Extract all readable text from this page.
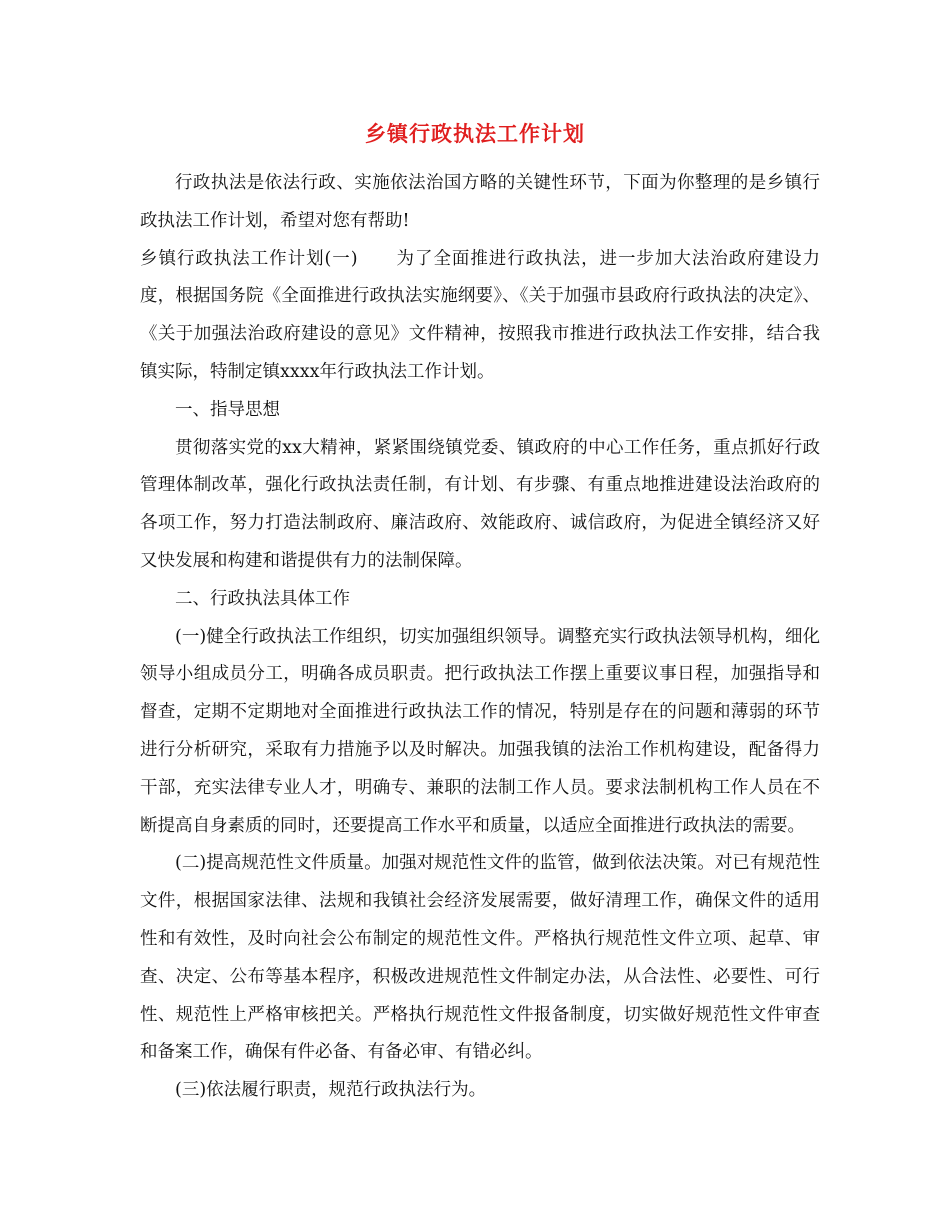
乡镇行政执法工作计划

行政执法是依法行政、实施依法治国方略的关键性环节，下面为你整理的是乡镇行政执法工作计划，希望对您有帮助!

乡镇行政执法工作计划(一) 为了全面推进行政执法，进一步加大法治政府建设力度，根据国务院《全面推进行政执法实施纲要》、《关于加强市县政府行政执法的决定》、《关于加强法治政府建设的意见》文件精神，按照我市推进行政执法工作安排，结合我镇实际，特制定镇xxxx年行政执法工作计划。

一、指导思想

贯彻落实党的xx大精神，紧紧围绕镇党委、镇政府的中心工作任务，重点抓好行政管理体制改革，强化行政执法责任制，有计划、有步骤、有重点地推进建设法治政府的各项工作，努力打造法制政府、廉洁政府、效能政府、诚信政府，为促进全镇经济又好又快发展和构建和谐提供有力的法制保障。

二、行政执法具体工作

(一)健全行政执法工作组织，切实加强组织领导。调整充实行政执法领导机构，细化领导小组成员分工，明确各成员职责。把行政执法工作摆上重要议事日程，加强指导和督查，定期不定期地对全面推进行政执法工作的情况，特别是存在的问题和薄弱的环节进行分析研究，采取有力措施予以及时解决。加强我镇的法治工作机构建设，配备得力干部，充实法律专业人才，明确专、兼职的法制工作人员。要求法制机构工作人员在不断提高自身素质的同时，还要提高工作水平和质量，以适应全面推进行政执法的需要。

(二)提高规范性文件质量。加强对规范性文件的监管，做到依法决策。对已有规范性文件，根据国家法律、法规和我镇社会经济发展需要，做好清理工作，确保文件的适用性和有效性，及时向社会公布制定的规范性文件。严格执行规范性文件立项、起草、审查、决定、公布等基本程序，积极改进规范性文件制定办法，从合法性、必要性、可行性、规范性上严格审核把关。严格执行规范性文件报备制度，切实做好规范性文件审查和备案工作，确保有件必备、有备必审、有错必纠。

(三)依法履行职责，规范行政执法行为。
